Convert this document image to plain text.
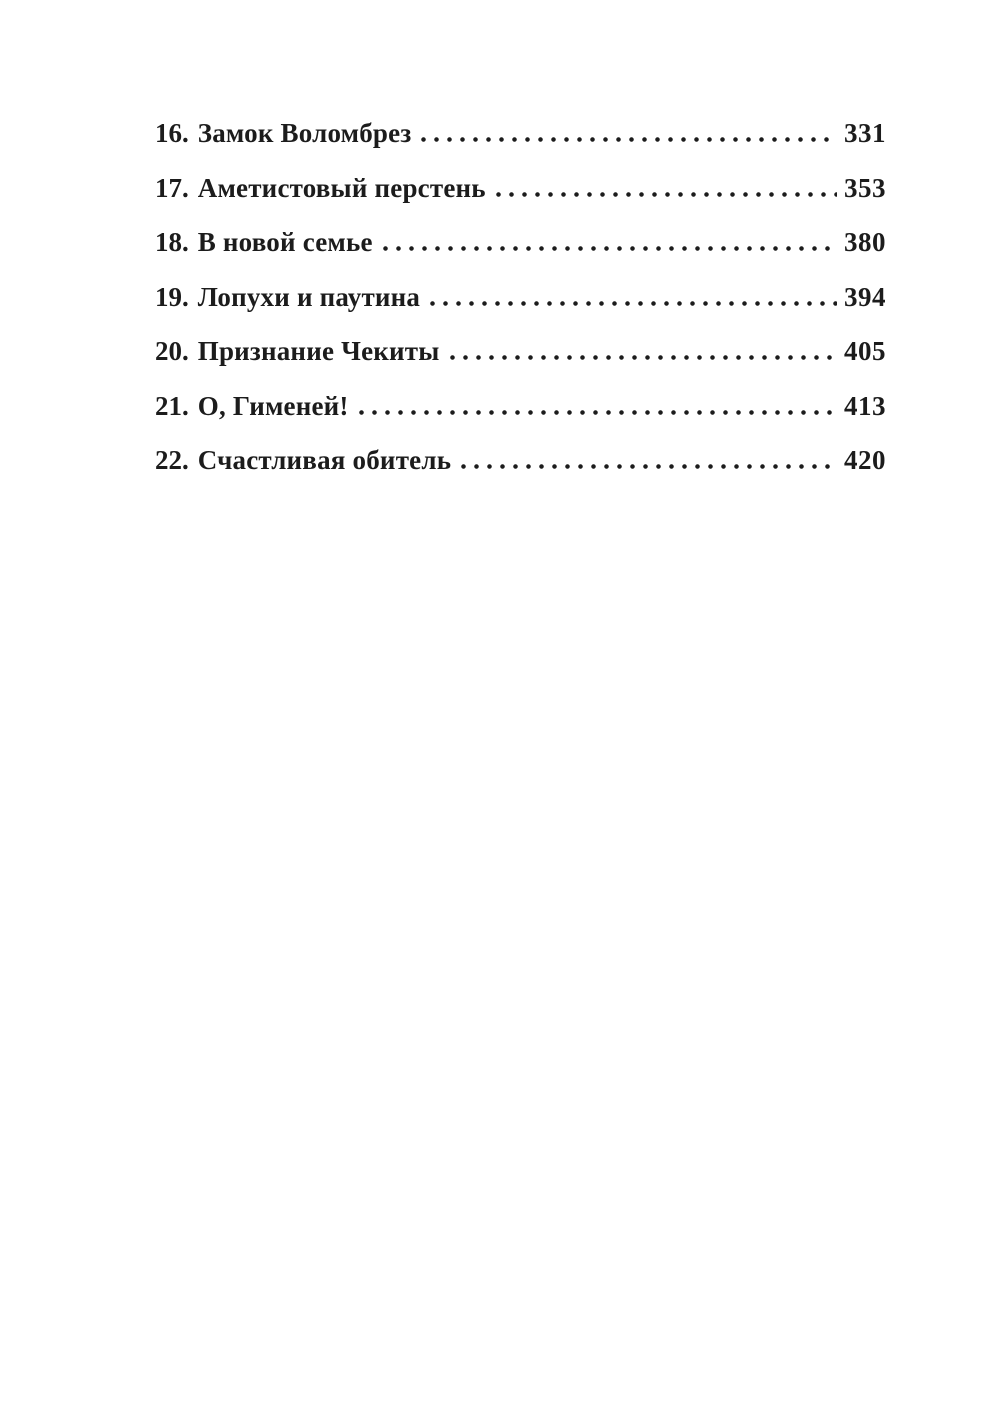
16. Замок Воломбрез	331
17. Аметистовый перстень	353
18. В новой семье	380
19. Лопухи и паутина	394
20. Признание Чекиты	405
21. О, Гименей!	413
22. Счастливая обитель	420
